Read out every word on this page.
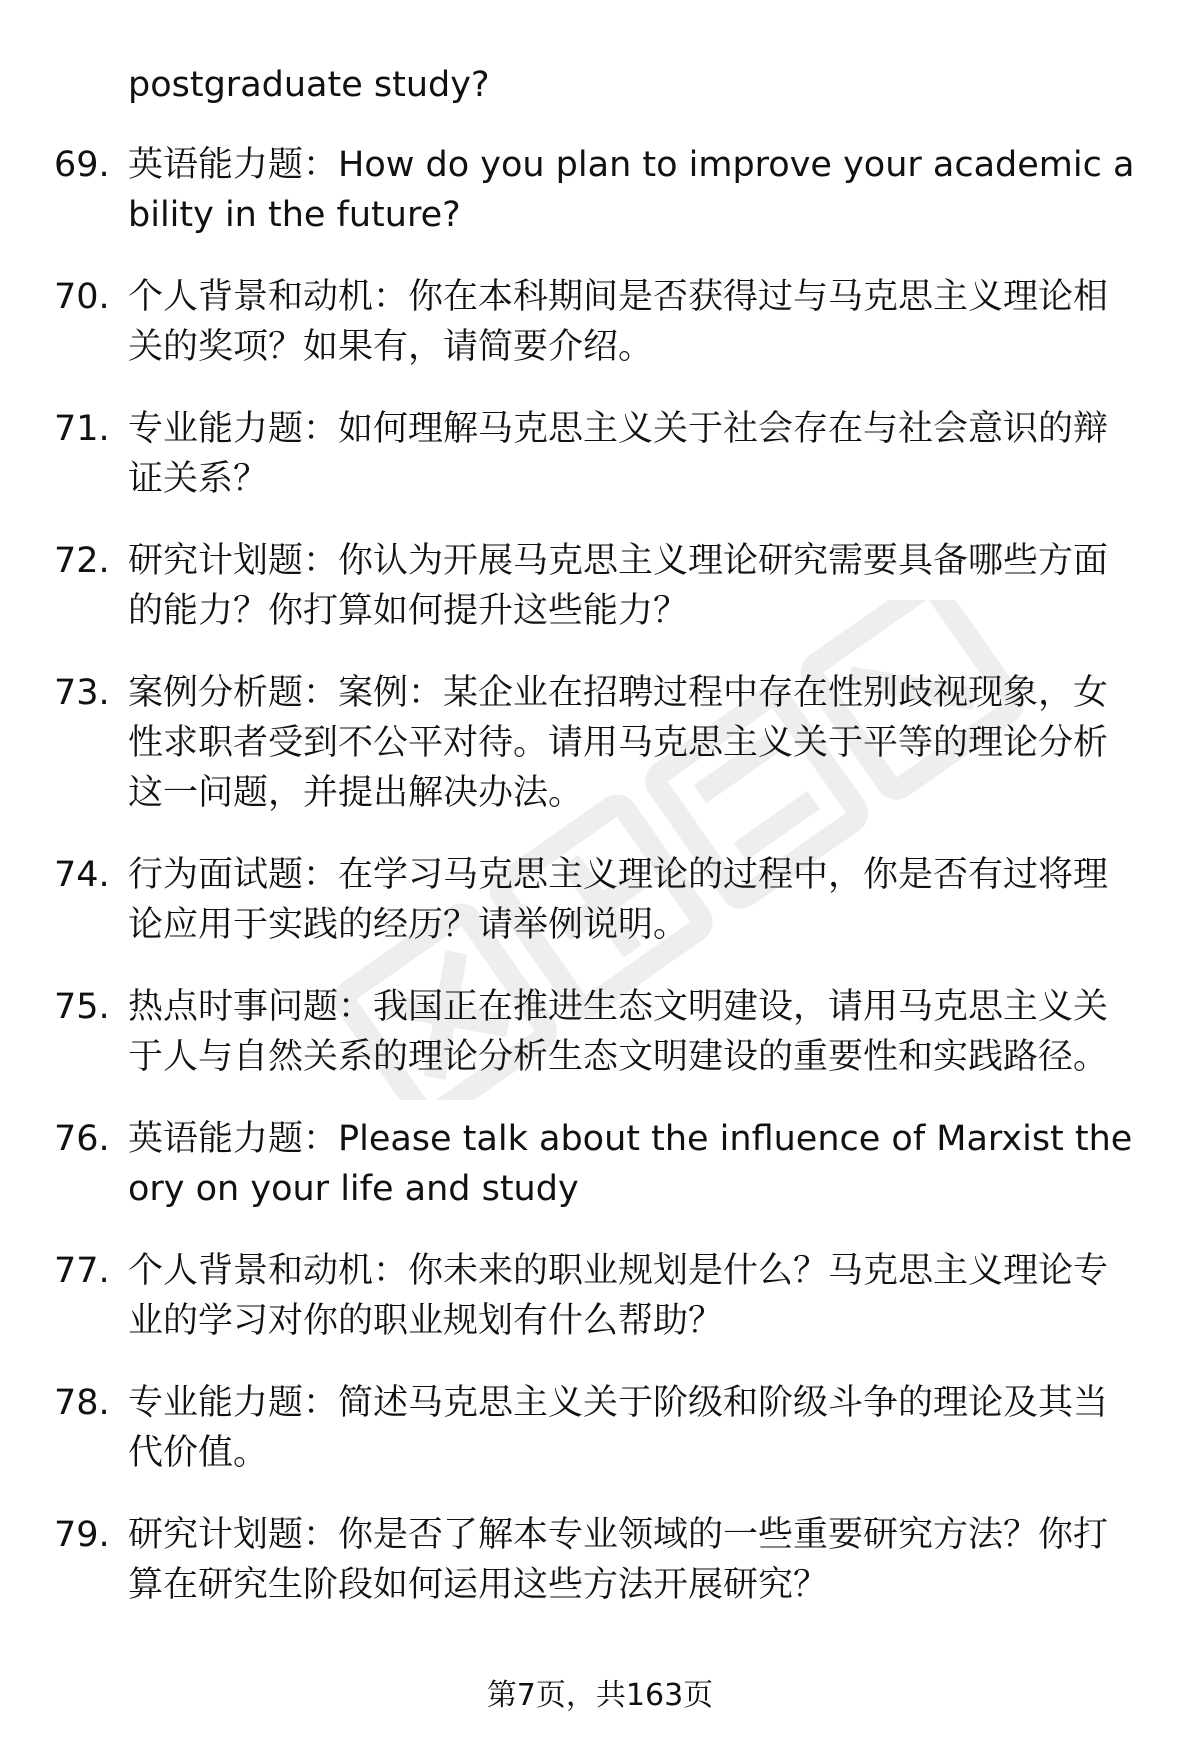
postgraduate study?
69. 英语能力题：How do you plan to improve your academic ability in the future?
70. 个人背景和动机：你在本科期间是否获得过与马克思主义理论相关的奖项？如果有，请简要介绍。
71. 专业能力题：如何理解马克思主义关于社会存在与社会意识的辩证关系？
72. 研究计划题：你认为开展马克思主义理论研究需要具备哪些方面的能力？你打算如何提升这些能力？
73. 案例分析题：案例：某企业在招聘过程中存在性别歧视现象，女性求职者受到不公平对待。请用马克思主义关于平等的理论分析这一问题，并提出解决办法。
74. 行为面试题：在学习马克思主义理论的过程中，你是否有过将理论应用于实践的经历？请举例说明。
75. 热点时事问题：我国正在推进生态文明建设，请用马克思主义关于人与自然关系的理论分析生态文明建设的重要性和实践路径。
76. 英语能力题：Please talk about the influence of Marxist theory on your life and study
77. 个人背景和动机：你未来的职业规划是什么？马克思主义理论专业的学习对你的职业规划有什么帮助？
78. 专业能力题：简述马克思主义关于阶级和阶级斗争的理论及其当代价值。
79. 研究计划题：你是否了解本专业领域的一些重要研究方法？你打算在研究生阶段如何运用这些方法开展研究？
第7页，共163页
